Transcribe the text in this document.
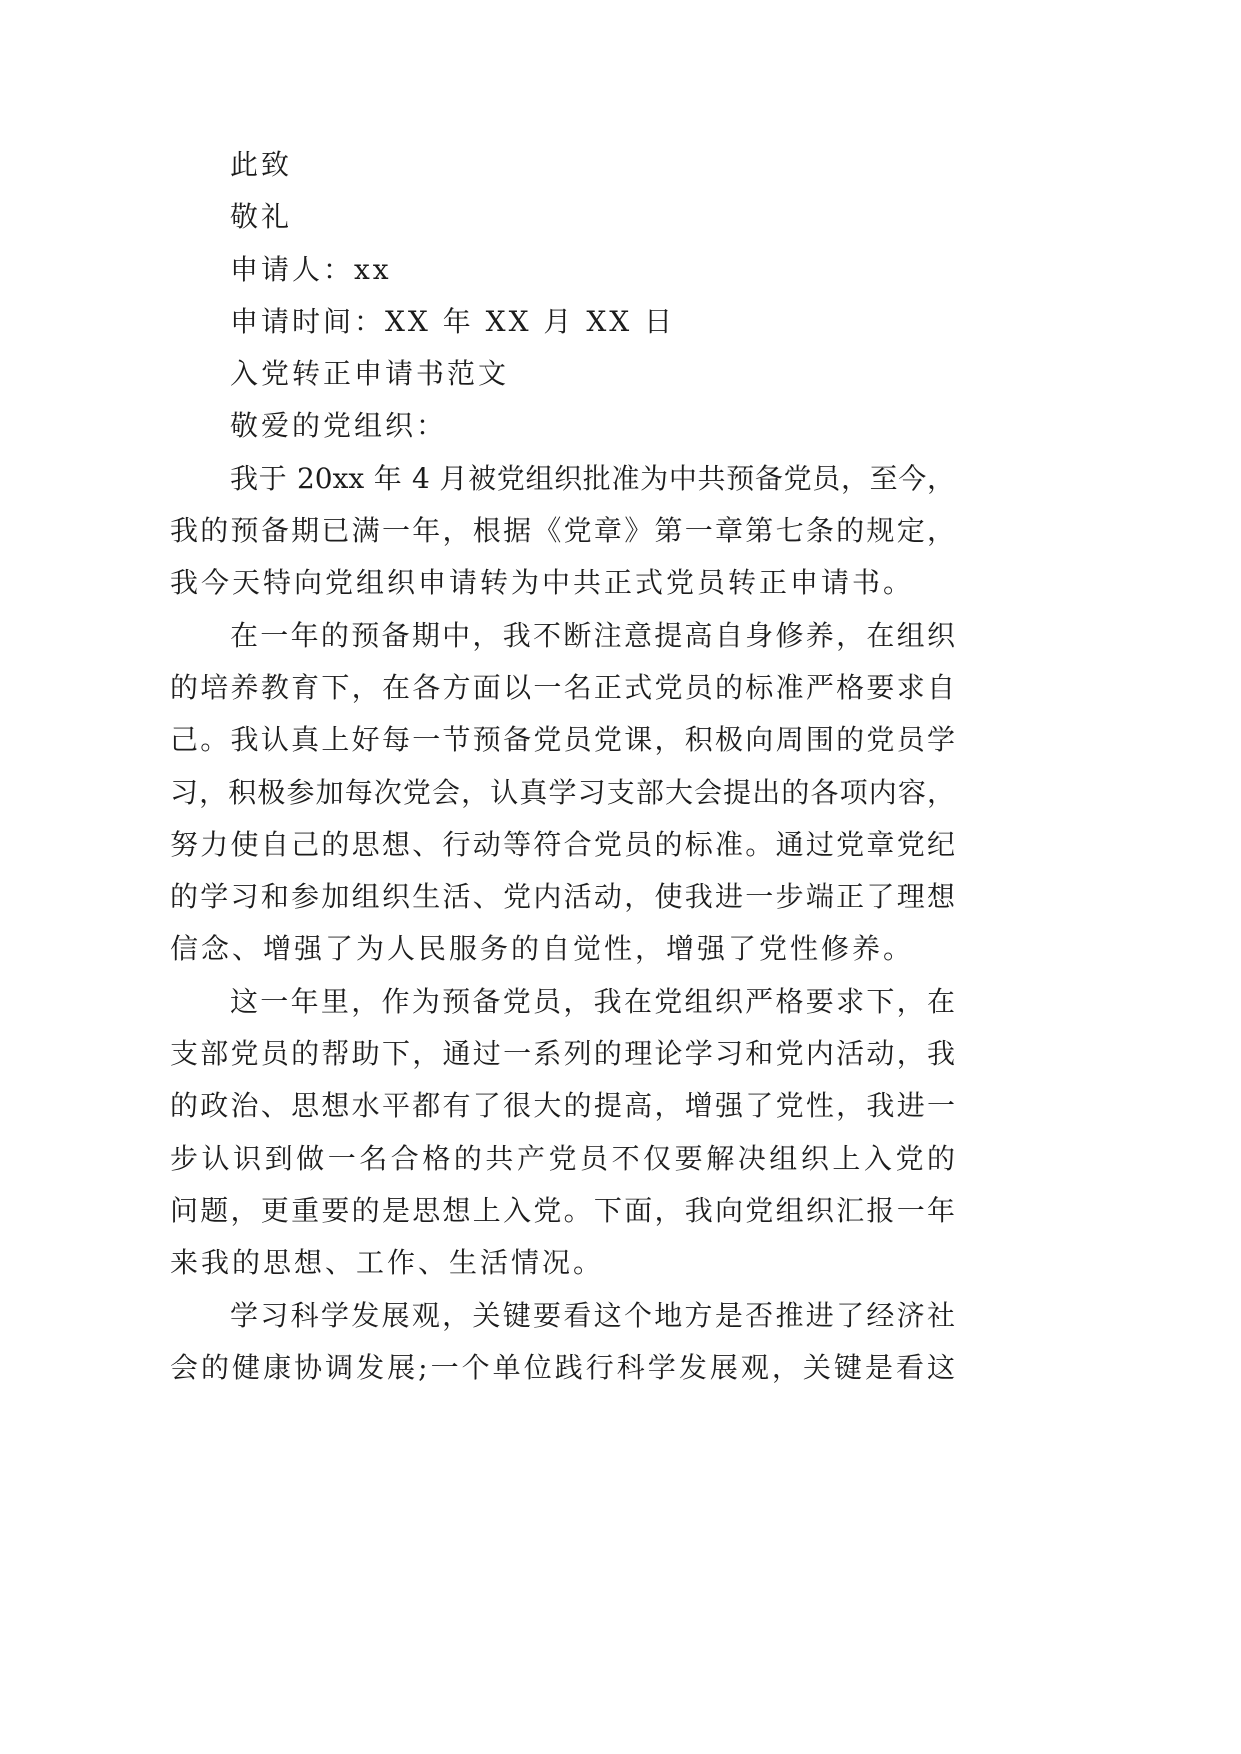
此致
敬礼
申请人：xx
申请时间：XX 年 XX 月 XX 日
入党转正申请书范文
敬爱的党组织：
我于 20xx 年 4 月被党组织批准为中共预备党员，至今，
我的预备期已满一年，根据《党章》第一章第七条的规定，
我今天特向党组织申请转为中共正式党员转正申请书。
在一年的预备期中，我不断注意提高自身修养，在组织
的培养教育下，在各方面以一名正式党员的标准严格要求自
己。我认真上好每一节预备党员党课，积极向周围的党员学
习，积极参加每次党会，认真学习支部大会提出的各项内容，
努力使自己的思想、行动等符合党员的标准。通过党章党纪
的学习和参加组织生活、党内活动，使我进一步端正了理想
信念、增强了为人民服务的自觉性，增强了党性修养。
这一年里，作为预备党员，我在党组织严格要求下，在
支部党员的帮助下，通过一系列的理论学习和党内活动，我
的政治、思想水平都有了很大的提高，增强了党性，我进一
步认识到做一名合格的共产党员不仅要解决组织上入党的
问题，更重要的是思想上入党。下面，我向党组织汇报一年
来我的思想、工作、生活情况。
学习科学发展观，关键要看这个地方是否推进了经济社
会的健康协调发展;一个单位践行科学发展观，关键是看这
